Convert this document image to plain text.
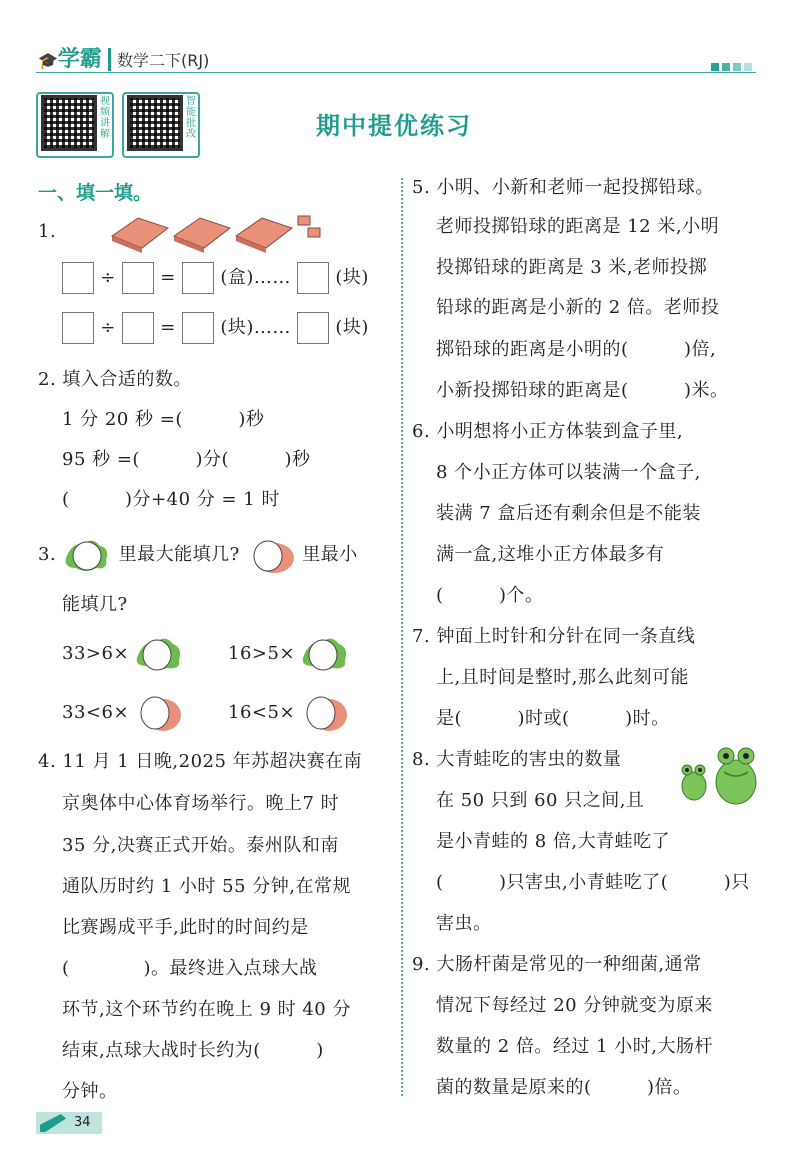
🎓学霸 数学二下(RJ)
视频讲解
智能批改	期中提优练习
一、填一填。
1.
÷ = (盒)…… (块)
÷ = (块)…… (块)
2. 填入合适的数。
1 分 20 秒 =(　　　)秒
95 秒 =(　　　)分(　　　)秒
(　　　)分+40 分 = 1 时
3.	里最大能填几?	里最小
能填几?
33>6×	16>5×
33<6×	16<5×
4. 11 月 1 日晚,2025 年苏超决赛在南
京奥体中心体育场举行。晚上7 时
35 分,决赛正式开始。泰州队和南
通队历时约 1 小时 55 分钟,在常规
比赛踢成平手,此时的时间约是
(　　　　)。最终进入点球大战
环节,这个环节约在晚上 9 时 40 分
结束,点球大战时长约为(　　　)
分钟。
5. 小明、小新和老师一起投掷铅球。
老师投掷铅球的距离是 12 米,小明
投掷铅球的距离是 3 米,老师投掷
铅球的距离是小新的 2 倍。老师投
掷铅球的距离是小明的(　　　)倍,
小新投掷铅球的距离是(　　　)米。
6. 小明想将小正方体装到盒子里,
8 个小正方体可以装满一个盒子,
装满 7 盒后还有剩余但是不能装
满一盒,这堆小正方体最多有
(　　　)个。
7. 钟面上时针和分针在同一条直线
上,且时间是整时,那么此刻可能
是(　　　)时或(　　　)时。
8. 大青蛙吃的害虫的数量
在 50 只到 60 只之间,且
是小青蛙的 8 倍,大青蛙吃了
(　　　)只害虫,小青蛙吃了(　　　)只
害虫。
9. 大肠杆菌是常见的一种细菌,通常
情况下每经过 20 分钟就变为原来
数量的 2 倍。经过 1 小时,大肠杆
菌的数量是原来的(　　　)倍。
34
